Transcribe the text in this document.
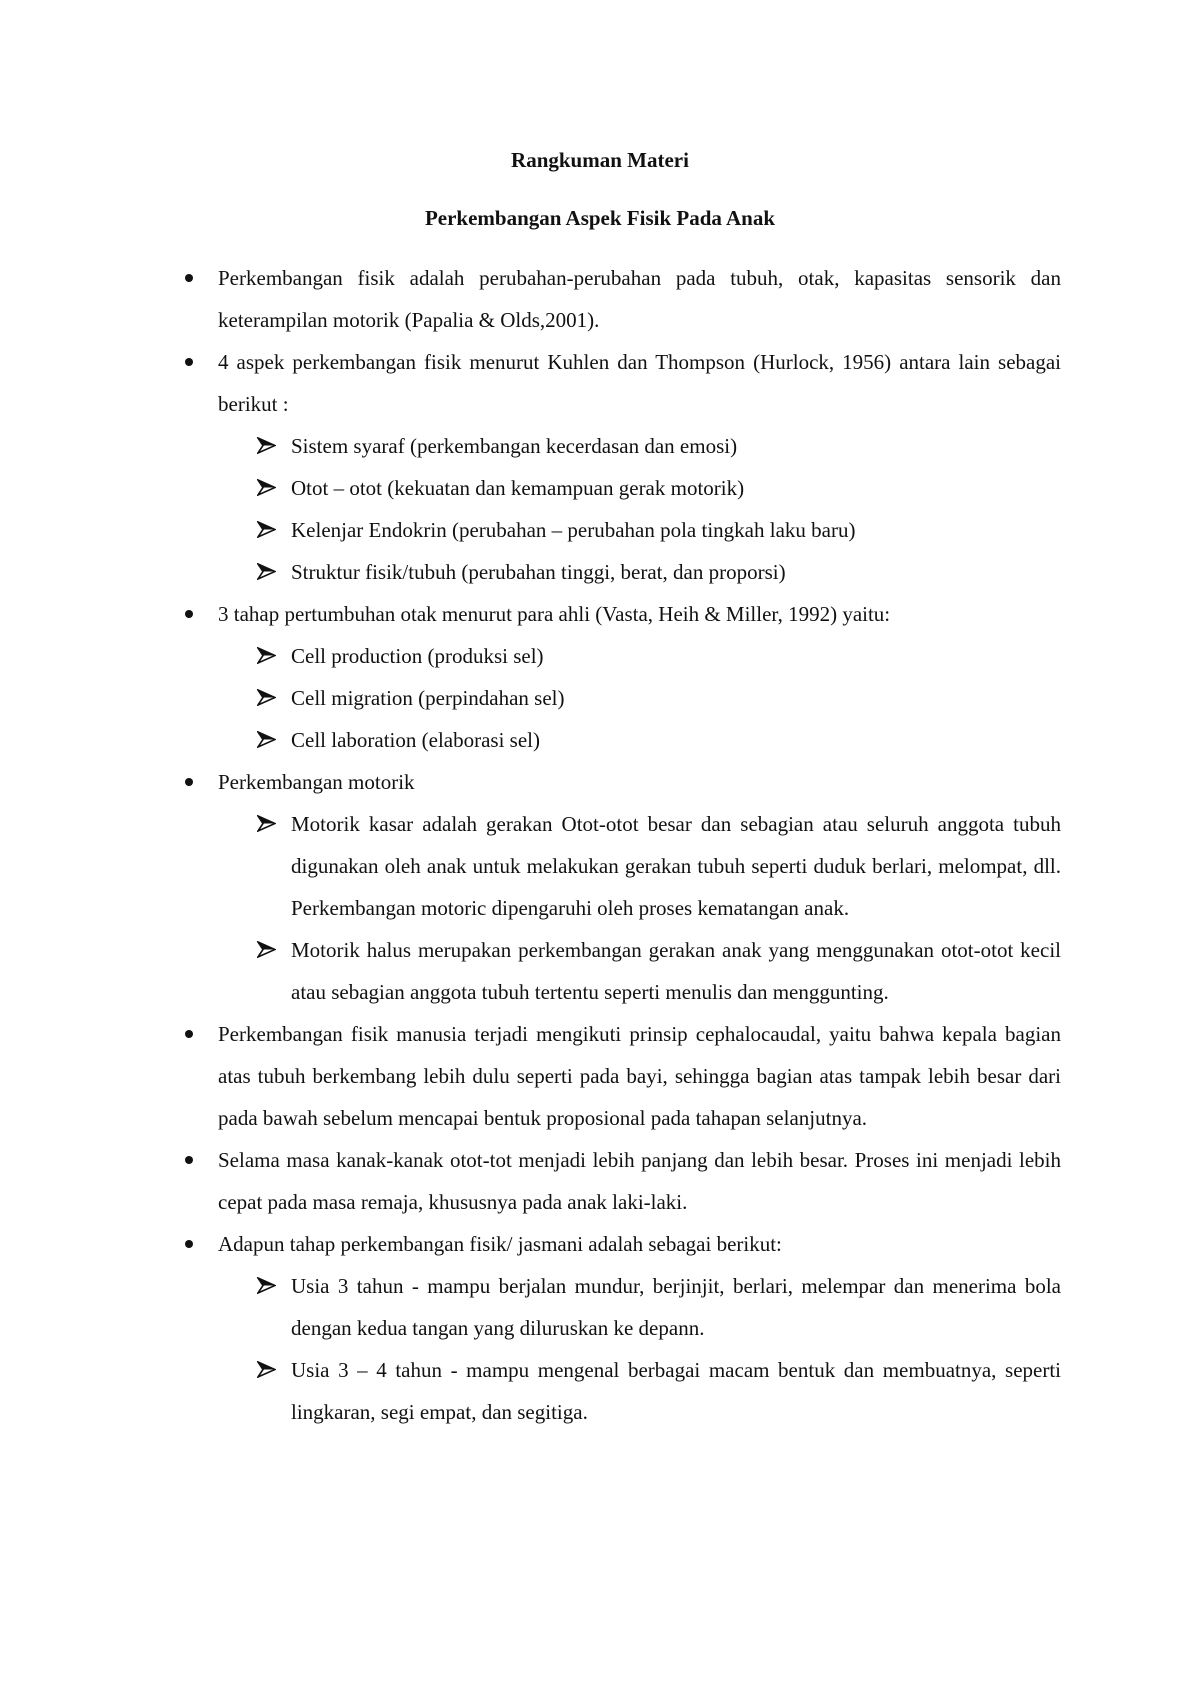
Rangkuman Materi
Perkembangan Aspek Fisik Pada Anak
Perkembangan fisik adalah perubahan-perubahan pada tubuh, otak, kapasitas sensorik dan keterampilan motorik (Papalia & Olds,2001).
4 aspek perkembangan fisik menurut Kuhlen dan Thompson (Hurlock, 1956) antara lain sebagai berikut :
Sistem syaraf (perkembangan kecerdasan dan emosi)
Otot – otot (kekuatan dan kemampuan gerak motorik)
Kelenjar Endokrin (perubahan – perubahan pola tingkah laku baru)
Struktur fisik/tubuh (perubahan tinggi, berat, dan proporsi)
3 tahap pertumbuhan otak menurut para ahli (Vasta, Heih & Miller, 1992) yaitu:
Cell production (produksi sel)
Cell migration (perpindahan sel)
Cell laboration (elaborasi sel)
Perkembangan motorik
Motorik kasar adalah gerakan Otot-otot besar dan sebagian atau seluruh anggota tubuh digunakan oleh anak untuk melakukan gerakan tubuh seperti duduk berlari, melompat, dll. Perkembangan motoric dipengaruhi oleh proses kematangan anak.
Motorik halus merupakan perkembangan gerakan anak yang menggunakan otot-otot kecil atau sebagian anggota tubuh tertentu seperti menulis dan menggunting.
Perkembangan fisik manusia terjadi mengikuti prinsip cephalocaudal, yaitu bahwa kepala bagian atas tubuh berkembang lebih dulu seperti pada bayi, sehingga bagian atas tampak lebih besar dari pada bawah sebelum mencapai bentuk proposional pada tahapan selanjutnya.
Selama masa kanak-kanak otot-tot menjadi lebih panjang dan lebih besar. Proses ini menjadi lebih cepat pada masa remaja, khususnya pada anak laki-laki.
Adapun tahap perkembangan fisik/ jasmani adalah sebagai berikut:
Usia 3 tahun - mampu berjalan mundur, berjinjit, berlari, melempar dan menerima bola dengan kedua tangan yang diluruskan ke depann.
Usia 3 – 4 tahun - mampu mengenal berbagai macam bentuk dan membuatnya, seperti lingkaran, segi empat, dan segitiga.
